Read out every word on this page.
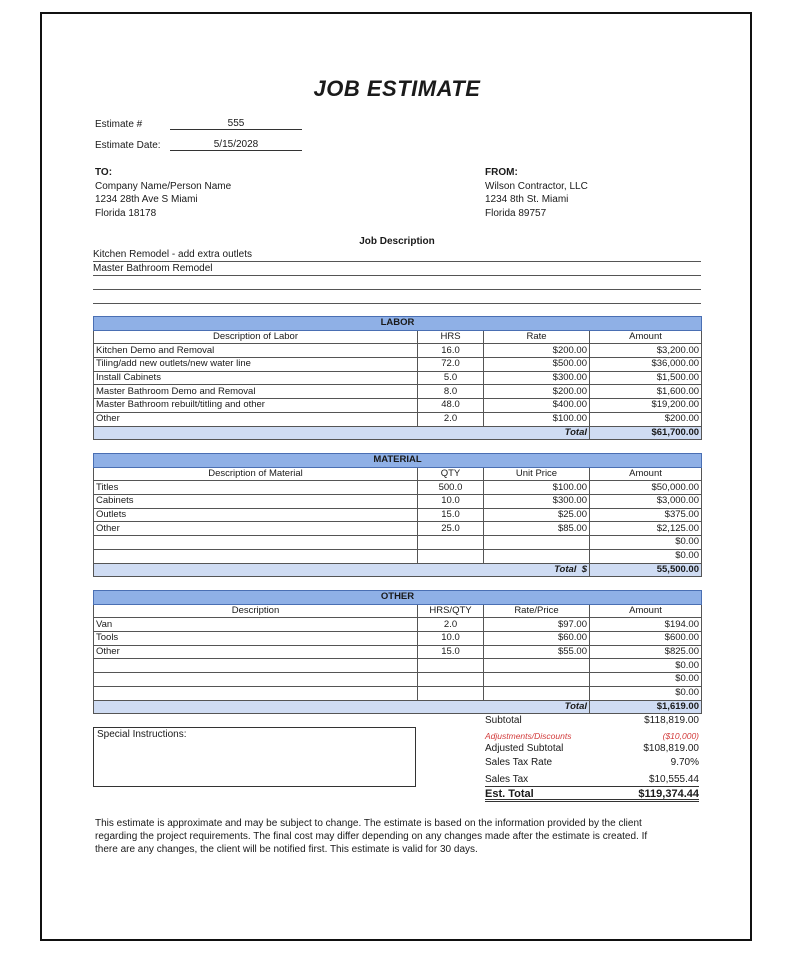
JOB ESTIMATE
Estimate #	555
Estimate Date:	5/15/2028
TO:
Company Name/Person Name
1234 28th Ave S Miami
Florida 18178
FROM:
Wilson Contractor, LLC
1234 8th St. Miami
Florida 89757
Job Description
Kitchen Remodel - add extra outlets
Master Bathroom Remodel
LABOR			
Description of Labor	HRS	Rate	Amount
Kitchen Demo and Removal	16.0	$200.00	$3,200.00
Tiling/add new outlets/new water line	72.0	$500.00	$36,000.00
Install Cabinets	5.0	$300.00	$1,500.00
Master Bathroom Demo and Removal	8.0	$200.00	$1,600.00
Master Bathroom rebuilt/titling and other	48.0	$400.00	$19,200.00
Other	2.0	$100.00	$200.00
		Total	$61,700.00
MATERIAL			
Description of Material	QTY	Unit Price	Amount
Titles	500.0	$100.00	$50,000.00
Cabinets	10.0	$300.00	$3,000.00
Outlets	15.0	$25.00	$375.00
Other	25.0	$85.00	$2,125.00
			$0.00
			$0.00
		Total $	55,500.00
OTHER			
Description	HRS/QTY	Rate/Price	Amount
Van	2.0	$97.00	$194.00
Tools	10.0	$60.00	$600.00
Other	15.0	$55.00	$825.00
			$0.00
			$0.00
			$0.00
		Total	$1,619.00
Special Instructions:
Subtotal	$118,819.00
Adjustments/Discounts	($10,000)
Adjusted Subtotal	$108,819.00
Sales Tax Rate	9.70%
Sales Tax	$10,555.44
Est. Total	$119,374.44
This estimate is approximate and may be subject to change. The estimate is based on the information provided by the client
regarding the project requirements. The final cost may differ depending on any changes made after the estimate is created. If
there are any changes, the client will be notified first. This estimate is valid for 30 days.
